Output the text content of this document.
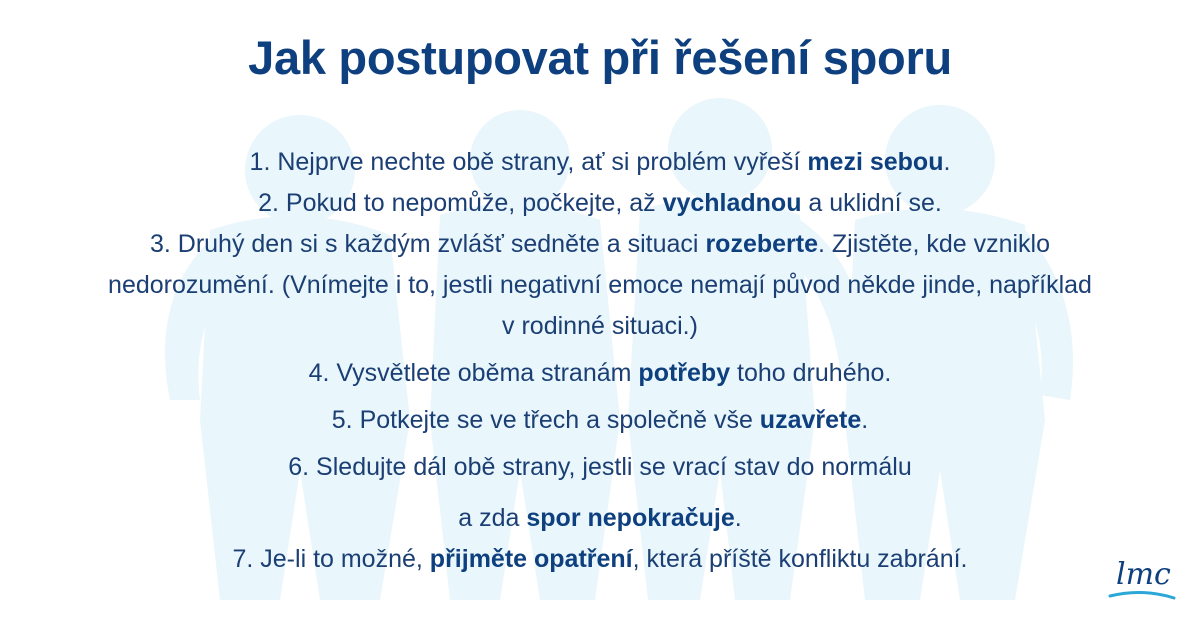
Jak postupovat při řešení sporu
1. Nejprve nechte obě strany, ať si problém vyřeší mezi sebou.
2. Pokud to nepomůže, počkejte, až vychladnou a uklidní se.
3. Druhý den si s každým zvlášť sedněte a situaci rozeberte. Zjistěte, kde vzniklo nedorozumění. (Vnímejte i to, jestli negativní emoce nemají původ někde jinde, například v rodinné situaci.)
4. Vysvětlete oběma stranám potřeby toho druhého.
5. Potkejte se ve třech a společně vše uzavřete.
6. Sledujte dál obě strany, jestli se vrací stav do normálu
a zda spor nepokračuje.
7. Je-li to možné, přijměte opatření, která příště konfliktu zabrání.	lmc
